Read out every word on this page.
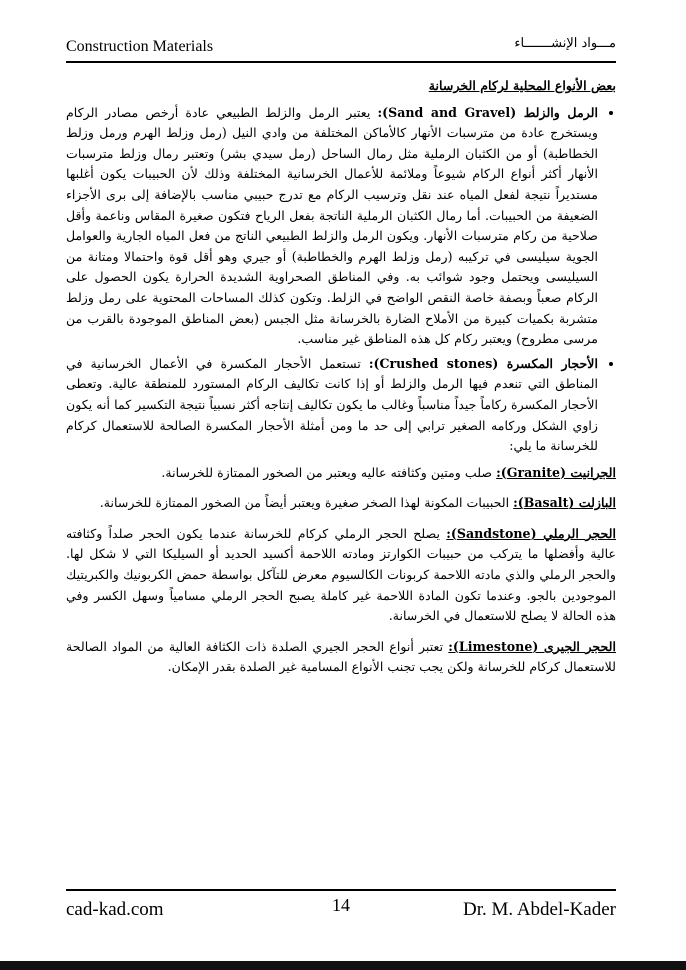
Construction Materials	مـــواد الإنشـــــــاء
بعض الأنواع المحلية لركام الخرسانة
• الرمل والزلط (Sand and Gravel): يعتبر الرمل والزلط الطبيعي عادة أرخص مصادر الركام ويستخرج عادة من مترسبات الأنهار كالأماكن المختلفة من وادي النيل (رمل وزلط الهرم ورمل وزلط الخطاطبة) أو من الكثبان الرملية مثل رمال الساحل (رمل سيدي بشر) وتعتبر رمال وزلط مترسبات الأنهار أكثر أنواع الركام شيوعاً وملائمة للأعمال الخرسانية المختلفة وذلك لأن الحبيبات يكون أغلبها مستديراً نتيجة لفعل المياه عند نقل وترسيب الركام مع تدرج حبيبي مناسب بالإضافة إلى برى الأجزاء الضعيفة من الحبيبات. أما رمال الكثبان الرملية الناتجة بفعل الرياح فتكون صغيرة المقاس وناعمة وأقل صلاحية من ركام مترسبات الأنهار. ويكون الرمل والزلط الطبيعي الناتج من فعل المياه الجارية والعوامل الجوية سيليسى في تركيبه (رمل وزلط الهرم والخطاطبة) أو جيري وهو أقل قوة واحتمالا ومتانة من السيليسى ويحتمل وجود شوائب به. وفي المناطق الصحراوية الشديدة الحرارة يكون الحصول على الركام صعباً وبصفة خاصة النقص الواضح في الزلط. وتكون كذلك المساحات المحتوية على رمل وزلط متشربة بكميات كبيرة من الأملاح الضارة بالخرسانة مثل الجبس (بعض المناطق الموجودة بالقرب من مرسى مطروح) ويعتبر ركام كل هذه المناطق غير مناسب.
• الأحجار المكسرة (Crushed stones): تستعمل الأحجار المكسرة في الأعمال الخرسانية في المناطق التي تنعدم فيها الرمل والزلط أو إذا كانت تكاليف الركام المستورد للمنطقة عالية. وتعطى الأحجار المكسرة ركاماً جيداً مناسباً وغالب ما يكون تكاليف إنتاجه أكثر نسبياً نتيجة التكسير كما أنه يكون زاوي الشكل وركامه الصغير ترابي إلى حد ما ومن أمثلة الأحجار المكسرة الصالحة للاستعمال كركام للخرسانة ما يلي:
الجرانيت (Granite): صلب ومتين وكثافته عاليه ويعتبر من الصخور الممتازة للخرسانة.
البازلت (Basalt): الحبيبات المكونة لهذا الصخر صغيرة ويعتبر أيضاً من الصخور الممتازة للخرسانة.
الحجر الرملي (Sandstone): يصلح الحجر الرملي كركام للخرسانة عندما يكون الحجر صلداً وكثافته عالية وأفضلها ما يتركب من حبيبات الكوارتز ومادته اللاحمة أكسيد الحديد أو السيليكا التي لا شكل لها. والحجر الرملي والذي مادته اللاحمة كربونات الكالسيوم معرض للتآكل بواسطة حمض الكربونيك والكبريتيك الموجودين بالجو. وعندما تكون المادة اللاحمة غير كاملة يصبح الحجر الرملي مسامياً وسهل الكسر وفي هذه الحالة لا يصلح للاستعمال في الخرسانة.
الحجر الجيرى (Limestone): تعتبر أنواع الحجر الجيري الصلدة ذات الكثافة العالية من المواد الصالحة للاستعمال كركام للخرسانة ولكن يجب تجنب الأنواع المسامية غير الصلدة بقدر الإمكان.
cad-kad.com	14	Dr. M. Abdel-Kader
